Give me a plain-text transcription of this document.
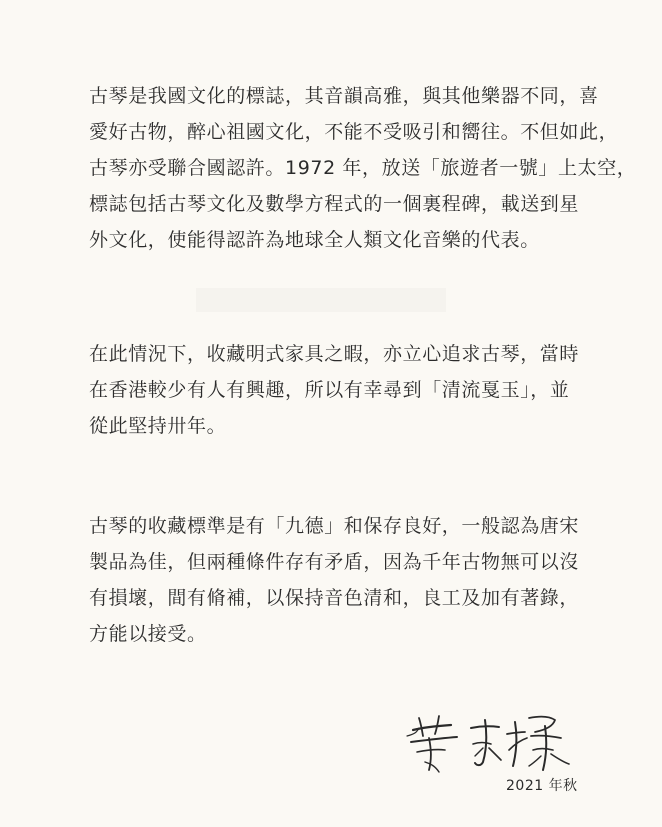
古琴是我國文化的標誌，其音韻高雅，與其他樂器不同，喜
愛好古物，醉心祖國文化，不能不受吸引和嚮往。不但如此，
古琴亦受聯合國認許。1972 年，放送「旅遊者一號」上太空，
標誌包括古琴文化及數學方程式的一個裏程碑，載送到星
外文化，使能得認許為地球全人類文化音樂的代表。
在此情況下，收藏明式家具之暇，亦立心追求古琴，當時
在香港較少有人有興趣，所以有幸尋到「清流戛玉」，並
從此堅持卅年。
古琴的收藏標準是有「九德」和保存良好，一般認為唐宋
製品為佳，但兩種條件存有矛盾，因為千年古物無可以沒
有損壞，間有脩補，以保持音色清和，良工及加有著錄，
方能以接受。
2021 年秋
